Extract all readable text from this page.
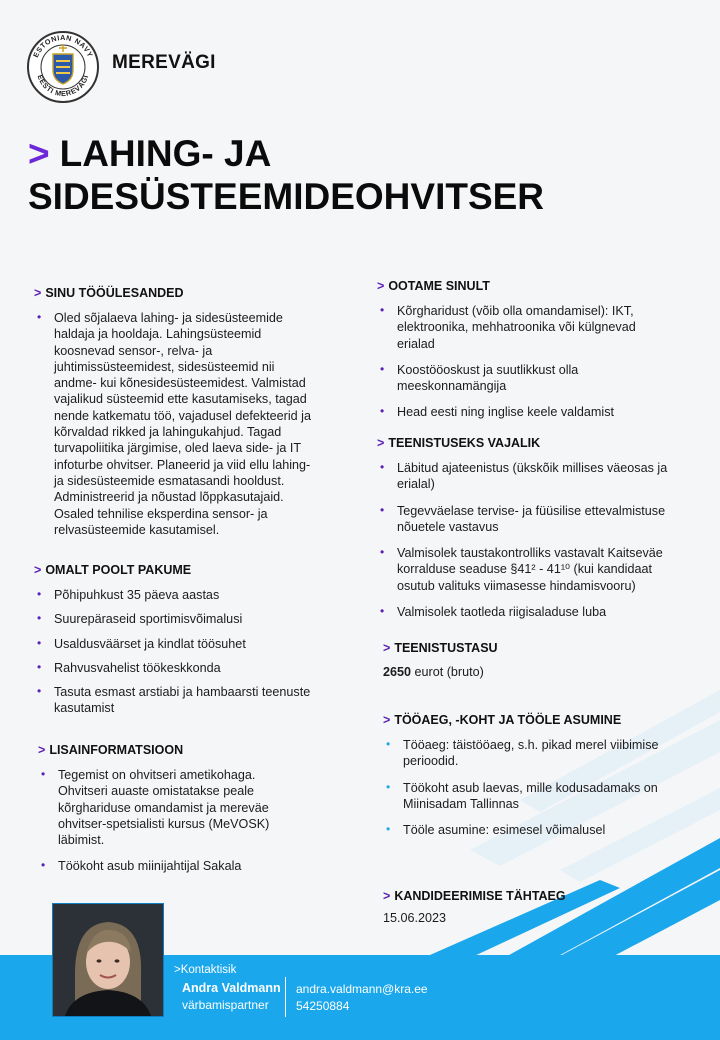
ESTONIAN NAVY
EESTI MEREVÄGI
MEREVÄGI
> LAHING- JA
SIDESÜSTEEMIDEOHVITSER
> SINU TÖÖÜLESANDED
• Oled sõjalaeva lahing- ja sidesüsteemide haldaja ja hooldaja. Lahingsüsteemid koosnevad sensor-, relva- ja juhtimissüsteemidest, sidesüsteemid nii andme- kui kõnesidesüsteemidest. Valmistad vajalikud süsteemid ette kasutamiseks, tagad nende katkematu töö, vajadusel defekteerid ja kõrvaldad rikked ja lahingukahjud. Tagad turvapoliitika järgimise, oled laeva side- ja IT infoturbe ohvitser. Planeerid ja viid ellu lahing- ja sidesüsteemide esmatasandi hooldust. Administreerid ja nõustad lõppkasutajaid. Osaled tehnilise eksperdina sensor- ja relvasüsteemide kasutamisel.
> OMALT POOLT PAKUME
• Põhipuhkust 35 päeva aastas
• Suurepäraseid sportimisvõimalusi
• Usaldusväärset ja kindlat töösuhet
• Rahvusvahelist töökeskkonda
• Tasuta esmast arstiabi ja hambaarsti teenuste kasutamist
> LISAINFORMATSIOON
• Tegemist on ohvitseri ametikohaga. Ohvitseri auaste omistatakse peale kõrghariduse omandamist ja mereväe ohvitser-spetsialisti kursus (MeVOSK) läbimist.
• Töökoht asub miinijahtijal Sakala
> OOTAME SINULT
• Kõrgharidust (võib olla omandamisel): IKT, elektroonika, mehhatroonika või külgnevad erialad
• Koostööoskust ja suutlikkust olla meeskonnamängija
• Head eesti ning inglise keele valdamist
> TEENISTUSEKS VAJALIK
• Läbitud ajateenistus (ükskõik millises väeosas ja erialal)
• Tegevväelase tervise- ja füüsilise ettevalmistuse nõuetele vastavus
• Valmisolek taustakontrolliks vastavalt Kaitseväe korralduse seaduse §41² - 41¹⁰ (kui kandidaat osutub valituks viimasesse hindamisvooru)
• Valmisolek taotleda riigisaladuse luba
> TEENISTUSTASU
2650 eurot (bruto)
> TÖÖAEG, -KOHT JA TÖÖLE ASUMINE
• Tööaeg: täistööaeg, s.h. pikad merel viibimise perioodid.
• Töökoht asub laevas, mille kodusadamaks on Miinisadam Tallinnas
• Tööle asumine: esimesel võimalusel
> KANDIDEERIMISE TÄHTAEG
15.06.2023
>Kontaktisik
Andra Valdmann
värbamispartner
andra.valdmann@kra.ee
54250884
